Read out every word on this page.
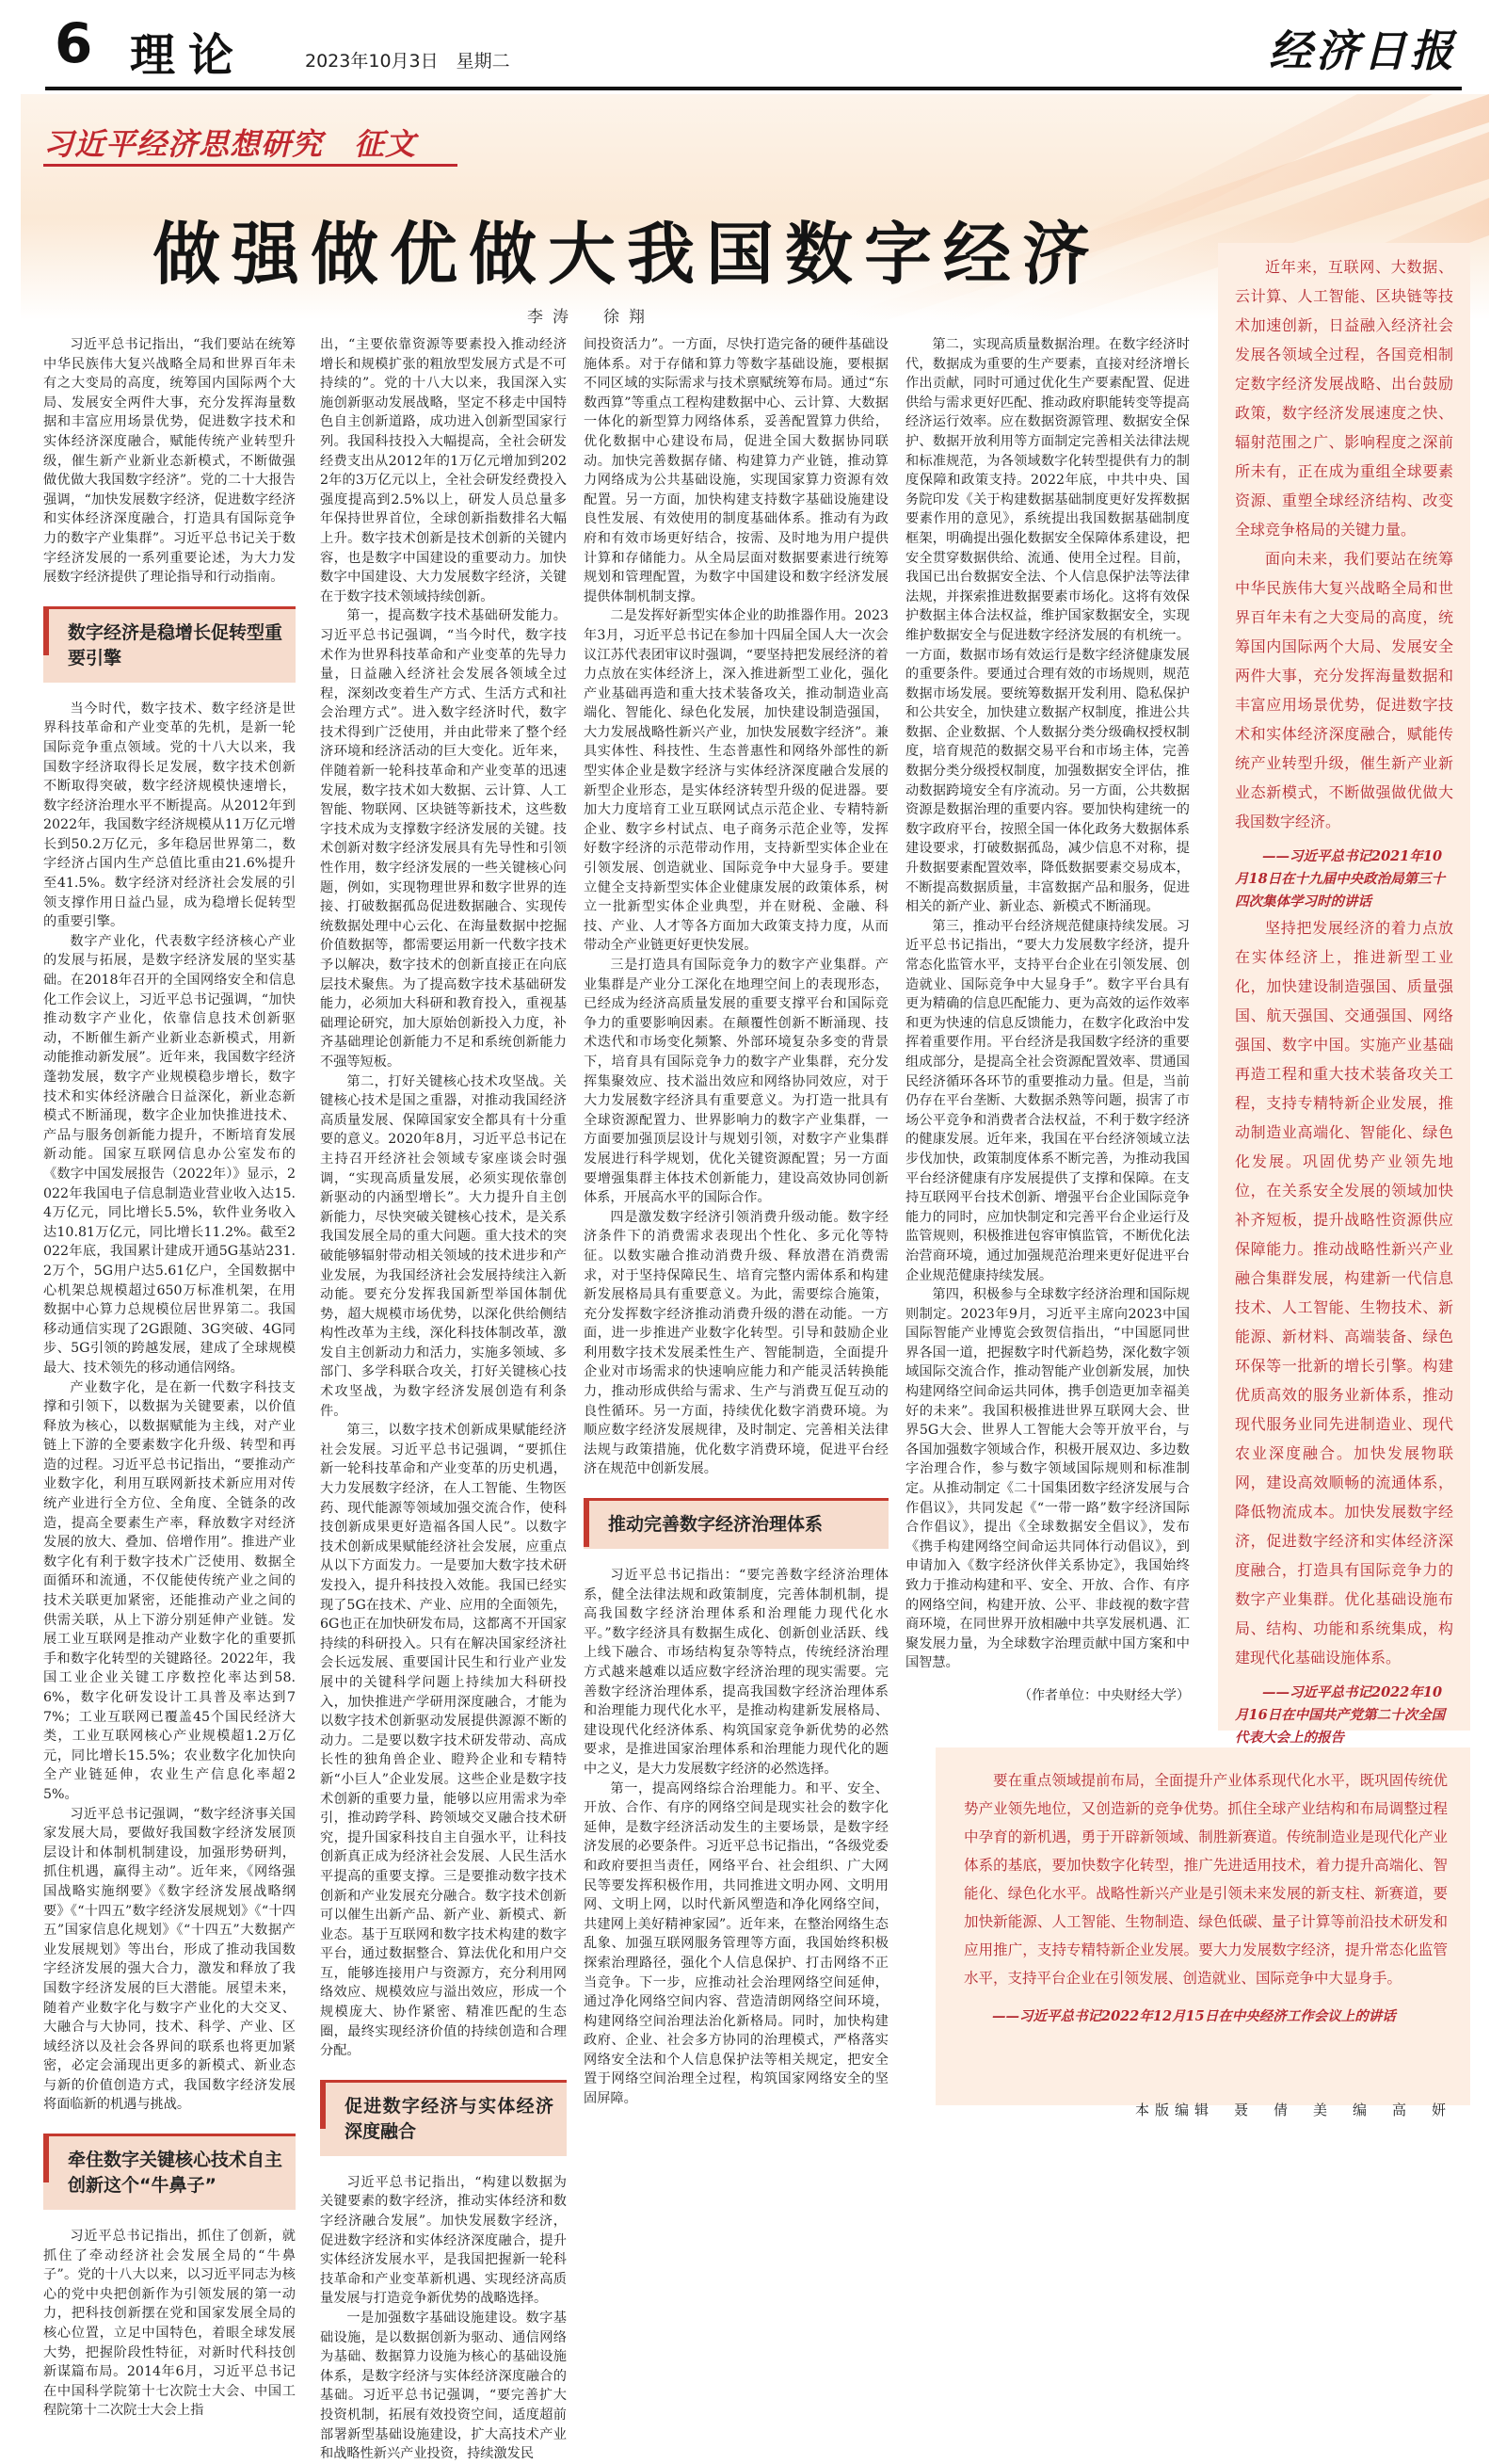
6 理论	2023年10月3日　星期二	经济日报
习近平经济思想研究　征文
做强做优做大我国数字经济
李涛　徐翔

习近平总书记指出，“我们要站在统筹中华民族伟大复兴战略全局和世界百年未有之大变局的高度，统筹国内国际两个大局、发展安全两件大事，充分发挥海量数据和丰富应用场景优势，促进数字技术和实体经济深度融合，赋能传统产业转型升级，催生新产业新业态新模式，不断做强做优做大我国数字经济”。党的二十大报告强调，“加快发展数字经济，促进数字经济和实体经济深度融合，打造具有国际竞争力的数字产业集群”。习近平总书记关于数字经济发展的一系列重要论述，为大力发展数字经济提供了理论指导和行动指南。

数字经济是稳增长促转型重要引擎

当今时代，数字技术、数字经济是世界科技革命和产业变革的先机，是新一轮国际竞争重点领域。党的十八大以来，我国数字经济取得长足发展，数字技术创新不断取得突破，数字经济规模快速增长，数字经济治理水平不断提高。从2012年到2022年，我国数字经济规模从11万亿元增长到50.2万亿元，多年稳居世界第二，数字经济占国内生产总值比重由21.6%提升至41.5%。数字经济对经济社会发展的引领支撑作用日益凸显，成为稳增长促转型的重要引擎。

数字产业化，代表数字经济核心产业的发展与拓展，是数字经济发展的坚实基础。在2018年召开的全国网络安全和信息化工作会议上，习近平总书记强调，“加快推动数字产业化，依靠信息技术创新驱动，不断催生新产业新业态新模式，用新动能推动新发展”。近年来，我国数字经济蓬勃发展，数字产业规模稳步增长，数字技术和实体经济融合日益深化，新业态新模式不断涌现，数字企业加快推进技术、产品与服务创新能力提升，不断培育发展新动能。国家互联网信息办公室发布的《数字中国发展报告（2022年）》显示，2022年我国电子信息制造业营业收入达15.4万亿元，同比增长5.5%，软件业务收入达10.81万亿元，同比增长11.2%。截至2022年底，我国累计建成开通5G基站231.2万个，5G用户达5.61亿户，全国数据中心机架总规模超过650万标准机架，在用数据中心算力总规模位居世界第二。我国移动通信实现了2G跟随、3G突破、4G同步、5G引领的跨越发展，建成了全球规模最大、技术领先的移动通信网络。

产业数字化，是在新一代数字科技支撑和引领下，以数据为关键要素，以价值释放为核心，以数据赋能为主线，对产业链上下游的全要素数字化升级、转型和再造的过程。习近平总书记指出，“要推动产业数字化，利用互联网新技术新应用对传统产业进行全方位、全角度、全链条的改造，提高全要素生产率，释放数字对经济发展的放大、叠加、倍增作用”。推进产业数字化有利于数字技术广泛使用、数据全面循环和流通，不仅能使传统产业之间的技术关联更加紧密，还能推动产业之间的供需关联，从上下游分别延伸产业链。发展工业互联网是推动产业数字化的重要抓手和数字化转型的关键路径。2022年，我国工业企业关键工序数控化率达到58.6%，数字化研发设计工具普及率达到77%；工业互联网已覆盖45个国民经济大类，工业互联网核心产业规模超1.2万亿元，同比增长15.5%；农业数字化加快向全产业链延伸，农业生产信息化率超25%。

习近平总书记强调，“数字经济事关国家发展大局，要做好我国数字经济发展顶层设计和体制机制建设，加强形势研判，抓住机遇，赢得主动”。近年来，《网络强国战略实施纲要》《数字经济发展战略纲要》《“十四五”数字经济发展规划》《“十四五”国家信息化规划》《“十四五”大数据产业发展规划》等出台，形成了推动我国数字经济发展的强大合力，激发和释放了我国数字经济发展的巨大潜能。展望未来，随着产业数字化与数字产业化的大交叉、大融合与大协同，技术、科学、产业、区域经济以及社会各界间的联系也将更加紧密，必定会涌现出更多的新模式、新业态与新的价值创造方式，我国数字经济发展将面临新的机遇与挑战。

牵住数字关键核心技术自主创新这个“牛鼻子”

习近平总书记指出，抓住了创新，就抓住了牵动经济社会发展全局的“牛鼻子”。党的十八大以来，以习近平同志为核心的党中央把创新作为引领发展的第一动力，把科技创新摆在党和国家发展全局的核心位置，立足中国特色，着眼全球发展大势，把握阶段性特征，对新时代科技创新谋篇布局。2014年6月，习近平总书记在中国科学院第十七次院士大会、中国工程院第十二次院士大会上指

出，“主要依靠资源等要素投入推动经济增长和规模扩张的粗放型发展方式是不可持续的”。党的十八大以来，我国深入实施创新驱动发展战略，坚定不移走中国特色自主创新道路，成功进入创新型国家行列。我国科技投入大幅提高，全社会研发经费支出从2012年的1万亿元增加到2022年的3万亿元以上，全社会研发经费投入强度提高到2.5%以上，研发人员总量多年保持世界首位，全球创新指数排名大幅上升。数字技术创新是技术创新的关键内容，也是数字中国建设的重要动力。加快数字中国建设、大力发展数字经济，关键在于数字技术领域持续创新。

第一，提高数字技术基础研发能力。习近平总书记强调，“当今时代，数字技术作为世界科技革命和产业变革的先导力量，日益融入经济社会发展各领域全过程，深刻改变着生产方式、生活方式和社会治理方式”。进入数字经济时代，数字技术得到广泛使用，并由此带来了整个经济环境和经济活动的巨大变化。近年来，伴随着新一轮科技革命和产业变革的迅速发展，数字技术如大数据、云计算、人工智能、物联网、区块链等新技术，这些数字技术成为支撑数字经济发展的关键。技术创新对数字经济发展具有先导性和引领性作用，数字经济发展的一些关键核心问题，例如，实现物理世界和数字世界的连接、打破数据孤岛促进数据融合、实现传统数据处理中心云化、在海量数据中挖掘价值数据等，都需要运用新一代数字技术予以解决，数字技术的创新直接正在向底层技术聚焦。为了提高数字技术基础研发能力，必须加大科研和教育投入，重视基础理论研究，加大原始创新投入力度，补齐基础理论创新能力不足和系统创新能力不强等短板。

第二，打好关键核心技术攻坚战。关键核心技术是国之重器，对推动我国经济高质量发展、保障国家安全都具有十分重要的意义。2020年8月，习近平总书记在主持召开经济社会领域专家座谈会时强调，“实现高质量发展，必须实现依靠创新驱动的内涵型增长”。大力提升自主创新能力，尽快突破关键核心技术，是关系我国发展全局的重大问题。重大技术的突破能够辐射带动相关领域的技术进步和产业发展，为我国经济社会发展持续注入新动能。要充分发挥我国新型举国体制优势，超大规模市场优势，以深化供给侧结构性改革为主线，深化科技体制改革，激发自主创新动力和活力，实施多领域、多部门、多学科联合攻关，打好关键核心技术攻坚战，为数字经济发展创造有利条件。

第三，以数字技术创新成果赋能经济社会发展。习近平总书记强调，“要抓住新一轮科技革命和产业变革的历史机遇，大力发展数字经济，在人工智能、生物医药、现代能源等领域加强交流合作，使科技创新成果更好造福各国人民”。以数字技术创新成果赋能经济社会发展，应重点从以下方面发力。一是要加大数字技术研发投入，提升科技投入效能。我国已经实现了5G在技术、产业、应用的全面领先，6G也正在加快研发布局，这都离不开国家持续的科研投入。只有在解决国家经济社会长远发展、重要国计民生和行业产业发展中的关键科学问题上持续加大科研投入，加快推进产学研用深度融合，才能为以数字技术创新驱动发展提供源源不断的动力。二是要以数字技术研发带动、高成长性的独角兽企业、瞪羚企业和专精特新“小巨人”企业发展。这些企业是数字技术创新的重要力量，能够以应用需求为牵引，推动跨学科、跨领域交叉融合技术研究，提升国家科技自主自强水平，让科技创新真正成为经济社会发展、人民生活水平提高的重要支撑。三是要推动数字技术创新和产业发展充分融合。数字技术创新可以催生出新产品、新产业、新模式、新业态。基于互联网和数字技术构建的数字平台，通过数据整合、算法优化和用户交互，能够连接用户与资源方，充分利用网络效应、规模效应与溢出效应，形成一个规模庞大、协作紧密、精准匹配的生态圈，最终实现经济价值的持续创造和合理分配。

促进数字经济与实体经济深度融合

习近平总书记指出，“构建以数据为关键要素的数字经济，推动实体经济和数字经济融合发展”。加快发展数字经济，促进数字经济和实体经济深度融合，提升实体经济发展水平，是我国把握新一轮科技革命和产业变革新机遇、实现经济高质量发展与打造竞争新优势的战略选择。

一是加强数字基础设施建设。数字基础设施，是以数据创新为驱动、通信网络为基础、数据算力设施为核心的基础设施体系，是数字经济与实体经济深度融合的基础。习近平总书记强调，“要完善扩大投资机制，拓展有效投资空间，适度超前部署新型基础设施建设，扩大高技术产业和战略性新兴产业投资，持续激发民

间投资活力”。一方面，尽快打造完备的硬件基础设施体系。对于存储和算力等数字基础设施，要根据不同区域的实际需求与技术禀赋统筹布局。通过“东数西算”等重点工程构建数据中心、云计算、大数据一体化的新型算力网络体系，妥善配置算力供给，优化数据中心建设布局，促进全国大数据协同联动。加快完善数据存储、构建算力产业链，推动算力网络成为公共基础设施，实现国家算力资源有效配置。另一方面，加快构建支持数字基础设施建设良性发展、有效使用的制度基础体系。推动有为政府和有效市场更好结合，按需、及时地为用户提供计算和存储能力。从全局层面对数据要素进行统筹规划和管理配置，为数字中国建设和数字经济发展提供体制机制支撑。

二是发挥好新型实体企业的助推器作用。2023年3月，习近平总书记在参加十四届全国人大一次会议江苏代表团审议时强调，“要坚持把发展经济的着力点放在实体经济上，深入推进新型工业化，强化产业基础再造和重大技术装备攻关，推动制造业高端化、智能化、绿色化发展，加快建设制造强国，大力发展战略性新兴产业，加快发展数字经济”。兼具实体性、科技性、生态普惠性和网络外部性的新型实体企业是数字经济与实体经济深度融合发展的新型企业形态，是实体经济转型升级的促进器。要加大力度培育工业互联网试点示范企业、专精特新企业、数字乡村试点、电子商务示范企业等，发挥好数字经济的示范带动作用，支持新型实体企业在引领发展、创造就业、国际竞争中大显身手。要建立健全支持新型实体企业健康发展的政策体系，树立一批新型实体企业典型，并在财税、金融、科技、产业、人才等各方面加大政策支持力度，从而带动全产业链更好更快发展。

三是打造具有国际竞争力的数字产业集群。产业集群是产业分工深化在地理空间上的表现形态，已经成为经济高质量发展的重要支撑平台和国际竞争力的重要影响因素。在颠覆性创新不断涌现、技术迭代和市场变化频繁、外部环境复杂多变的背景下，培育具有国际竞争力的数字产业集群，充分发挥集聚效应、技术溢出效应和网络协同效应，对于大力发展数字经济具有重要意义。为打造一批具有全球资源配置力、世界影响力的数字产业集群，一方面要加强顶层设计与规划引领，对数字产业集群发展进行科学规划，优化关键资源配置；另一方面要增强集群主体技术创新能力，建设高效协同创新体系，开展高水平的国际合作。

四是激发数字经济引领消费升级动能。数字经济条件下的消费需求表现出个性化、多元化等特征。以数实融合推动消费升级、释放潜在消费需求，对于坚持保障民生、培育完整内需体系和构建新发展格局具有重要意义。为此，需要综合施策，充分发挥数字经济推动消费升级的潜在动能。一方面，进一步推进产业数字化转型。引导和鼓励企业利用数字技术发展柔性生产、智能制造，全面提升企业对市场需求的快速响应能力和产能灵活转换能力，推动形成供给与需求、生产与消费互促互动的良性循环。另一方面，持续优化数字消费环境。为顺应数字经济发展规律，及时制定、完善相关法律法规与政策措施，优化数字消费环境，促进平台经济在规范中创新发展。

推动完善数字经济治理体系

习近平总书记指出：“要完善数字经济治理体系，健全法律法规和政策制度，完善体制机制，提高我国数字经济治理体系和治理能力现代化水平。”数字经济具有数据生成化、创新创业活跃、线上线下融合、市场结构复杂等特点，传统经济治理方式越来越难以适应数字经济治理的现实需要。完善数字经济治理体系，提高我国数字经济治理体系和治理能力现代化水平，是推动构建新发展格局、建设现代化经济体系、构筑国家竞争新优势的必然要求，是推进国家治理体系和治理能力现代化的题中之义，是大力发展数字经济的必然选择。

第一，提高网络综合治理能力。和平、安全、开放、合作、有序的网络空间是现实社会的数字化延伸，是数字经济活动发生的主要场景，是数字经济发展的必要条件。习近平总书记指出，“各级党委和政府要担当责任，网络平台、社会组织、广大网民等要发挥积极作用，共同推进文明办网、文明用网、文明上网，以时代新风塑造和净化网络空间，共建网上美好精神家园”。近年来，在整治网络生态乱象、加强互联网服务管理等方面，我国始终积极探索治理路径，强化个人信息保护、打击网络不正当竞争。下一步，应推动社会治理网络空间延伸，通过净化网络空间内容、营造清朗网络空间环境，构建网络空间治理法治化新格局。同时，加快构建政府、企业、社会多方协同的治理模式，严格落实网络安全法和个人信息保护法等相关规定，把安全置于网络空间治理全过程，构筑国家网络安全的坚固屏障。

第二，实现高质量数据治理。在数字经济时代，数据成为重要的生产要素，直接对经济增长作出贡献，同时可通过优化生产要素配置、促进供给与需求更好匹配、推动政府职能转变等提高经济运行效率。应在数据资源管理、数据安全保护、数据开放利用等方面制定完善相关法律法规和标准规范，为各领域数字化转型提供有力的制度保障和政策支持。2022年底，中共中央、国务院印发《关于构建数据基础制度更好发挥数据要素作用的意见》，系统提出我国数据基础制度框架，明确提出强化数据安全保障体系建设，把安全贯穿数据供给、流通、使用全过程。目前，我国已出台数据安全法、个人信息保护法等法律法规，并探索推进数据要素市场化。这将有效保护数据主体合法权益，维护国家数据安全，实现维护数据安全与促进数字经济发展的有机统一。一方面，数据市场有效运行是数字经济健康发展的重要条件。要通过合理有效的市场规则，规范数据市场发展。要统筹数据开发利用、隐私保护和公共安全，加快建立数据产权制度，推进公共数据、企业数据、个人数据分类分级确权授权制度，培育规范的数据交易平台和市场主体，完善数据分类分级授权制度，加强数据安全评估，推动数据跨境安全有序流动。另一方面，公共数据资源是数据治理的重要内容。要加快构建统一的数字政府平台，按照全国一体化政务大数据体系建设要求，打破数据孤岛，减少信息不对称，提升数据要素配置效率，降低数据要素交易成本，不断提高数据质量，丰富数据产品和服务，促进相关的新产业、新业态、新模式不断涌现。

第三，推动平台经济规范健康持续发展。习近平总书记指出，“要大力发展数字经济，提升常态化监管水平，支持平台企业在引领发展、创造就业、国际竞争中大显身手”。数字平台具有更为精确的信息匹配能力、更为高效的运作效率和更为快速的信息反馈能力，在数字化政治中发挥着重要作用。平台经济是我国数字经济的重要组成部分，是提高全社会资源配置效率、贯通国民经济循环各环节的重要推动力量。但是，当前仍存在平台垄断、大数据杀熟等问题，损害了市场公平竞争和消费者合法权益，不利于数字经济的健康发展。近年来，我国在平台经济领域立法步伐加快，政策制度体系不断完善，为推动我国平台经济健康有序发展提供了支撑和保障。在支持互联网平台技术创新、增强平台企业国际竞争能力的同时，应加快制定和完善平台企业运行及监管规则，积极推进包容审慎监管，不断优化法治营商环境，通过加强规范治理来更好促进平台企业规范健康持续发展。

第四，积极参与全球数字经济治理和国际规则制定。2023年9月，习近平主席向2023中国国际智能产业博览会致贺信指出，“中国愿同世界各国一道，把握数字时代新趋势，深化数字领域国际交流合作，推动智能产业创新发展，加快构建网络空间命运共同体，携手创造更加幸福美好的未来”。我国积极推进世界互联网大会、世界5G大会、世界人工智能大会等开放平台，与各国加强数字领域合作，积极开展双边、多边数字治理合作，参与数字领域国际规则和标准制定。从推动制定《二十国集团数字经济发展与合作倡议》，共同发起《“一带一路”数字经济国际合作倡议》，提出《全球数据安全倡议》，发布《携手构建网络空间命运共同体行动倡议》，到申请加入《数字经济伙伴关系协定》，我国始终致力于推动构建和平、安全、开放、合作、有序的网络空间，构建开放、公平、非歧视的数字营商环境，在同世界开放相融中共享发展机遇、汇聚发展力量，为全球数字治理贡献中国方案和中国智慧。

（作者单位：中央财经大学）

近年来，互联网、大数据、云计算、人工智能、区块链等技术加速创新，日益融入经济社会发展各领域全过程，各国竞相制定数字经济发展战略、出台鼓励政策，数字经济发展速度之快、辐射范围之广、影响程度之深前所未有，正在成为重组全球要素资源、重塑全球经济结构、改变全球竞争格局的关键力量。

面向未来，我们要站在统筹中华民族伟大复兴战略全局和世界百年未有之大变局的高度，统筹国内国际两个大局、发展安全两件大事，充分发挥海量数据和丰富应用场景优势，促进数字技术和实体经济深度融合，赋能传统产业转型升级，催生新产业新业态新模式，不断做强做优做大我国数字经济。

——习近平总书记2021年10月18日在十九届中央政治局第三十四次集体学习时的讲话

坚持把发展经济的着力点放在实体经济上，推进新型工业化，加快建设制造强国、质量强国、航天强国、交通强国、网络强国、数字中国。实施产业基础再造工程和重大技术装备攻关工程，支持专精特新企业发展，推动制造业高端化、智能化、绿色化发展。巩固优势产业领先地位，在关系安全发展的领域加快补齐短板，提升战略性资源供应保障能力。推动战略性新兴产业融合集群发展，构建新一代信息技术、人工智能、生物技术、新能源、新材料、高端装备、绿色环保等一批新的增长引擎。构建优质高效的服务业新体系，推动现代服务业同先进制造业、现代农业深度融合。加快发展物联网，建设高效顺畅的流通体系，降低物流成本。加快发展数字经济，促进数字经济和实体经济深度融合，打造具有国际竞争力的数字产业集群。优化基础设施布局、结构、功能和系统集成，构建现代化基础设施体系。

——习近平总书记2022年10月16日在中国共产党第二十次全国代表大会上的报告

要在重点领域提前布局，全面提升产业体系现代化水平，既巩固传统优势产业领先地位，又创造新的竞争优势。抓住全球产业结构和布局调整过程中孕育的新机遇，勇于开辟新领域、制胜新赛道。传统制造业是现代化产业体系的基底，要加快数字化转型，推广先进适用技术，着力提升高端化、智能化、绿色化水平。战略性新兴产业是引领未来发展的新支柱、新赛道，要加快新能源、人工智能、生物制造、绿色低碳、量子计算等前沿技术研发和应用推广，支持专精特新企业发展。要大力发展数字经济，提升常态化监管水平，支持平台企业在引领发展、创造就业、国际竞争中大显身手。

——习近平总书记2022年12月15日在中央经济工作会议上的讲话

本版编辑　聂　倩　美　编　高　妍
